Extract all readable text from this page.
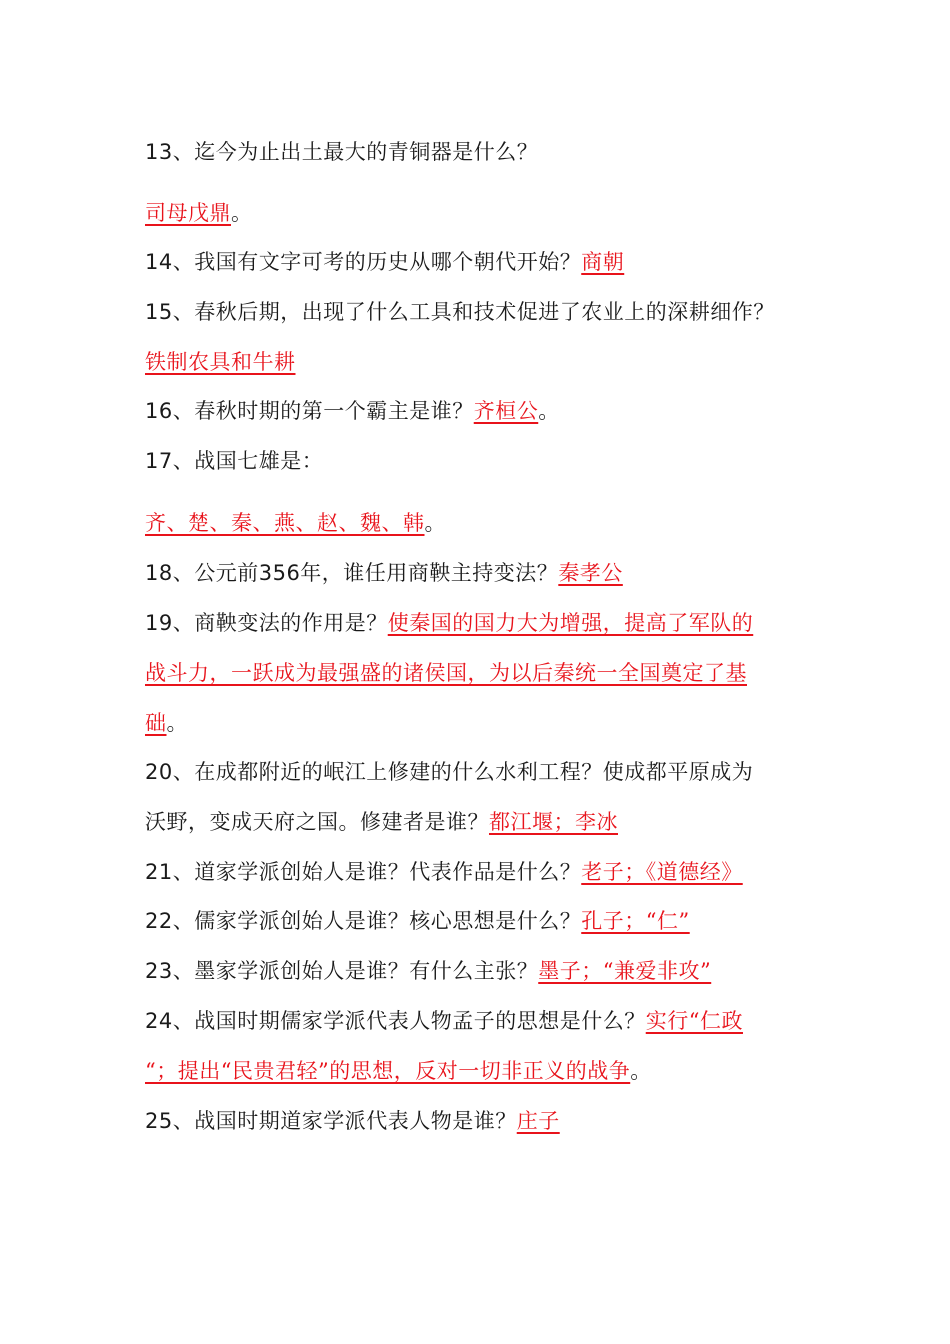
13、迄今为止出土最大的青铜器是什么？
司母戊鼎。
14、我国有文字可考的历史从哪个朝代开始？商朝
15、春秋后期，出现了什么工具和技术促进了农业上的深耕细作？
铁制农具和牛耕
16、春秋时期的第一个霸主是谁？齐桓公。
17、战国七雄是：
齐、楚、秦、燕、赵、魏、韩。
18、公元前356年，谁任用商鞅主持变法？秦孝公
19、商鞅变法的作用是？使秦国的国力大为增强，提高了军队的
战斗力，一跃成为最强盛的诸侯国，为以后秦统一全国奠定了基
础。
20、在成都附近的岷江上修建的什么水利工程？使成都平原成为
沃野，变成天府之国。修建者是谁？都江堰；李冰
21、道家学派创始人是谁？代表作品是什么？老子；《道德经》
22、儒家学派创始人是谁？核心思想是什么？孔子；“仁”
23、墨家学派创始人是谁？有什么主张？墨子；“兼爱非攻”
24、战国时期儒家学派代表人物孟子的思想是什么？实行“仁政
“；提出“民贵君轻”的思想，反对一切非正义的战争。
25、战国时期道家学派代表人物是谁？庄子
